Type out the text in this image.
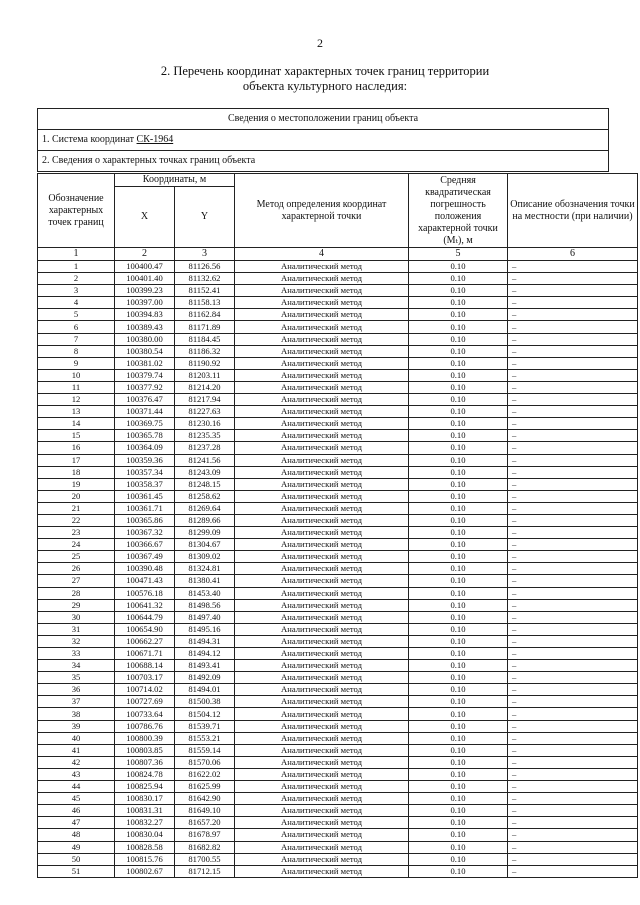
2
2. Перечень координат характерных точек границ территории
объекта культурного наследия:
Сведения о местоположении границ объекта
1. Система координат СК-1964
2. Сведения о характерных точках границ объекта
Обозначение характерных точек границ	Координаты, м		Метод определения координат характерной точки	Средняя квадратическая погрешность положения характерной точки (Mₜ), м	Описание обозначения точки на местности (при наличии)
	X	Y			
1	2	3	4	5	6
1	100400.47	81126.56	Аналитический метод	0.10	–
2	100401.40	81132.62	Аналитический метод	0.10	–
3	100399.23	81152.41	Аналитический метод	0.10	–
4	100397.00	81158.13	Аналитический метод	0.10	–
5	100394.83	81162.84	Аналитический метод	0.10	–
6	100389.43	81171.89	Аналитический метод	0.10	–
7	100380.00	81184.45	Аналитический метод	0.10	–
8	100380.54	81186.32	Аналитический метод	0.10	–
9	100381.02	81190.92	Аналитический метод	0.10	–
10	100379.74	81203.11	Аналитический метод	0.10	–
11	100377.92	81214.20	Аналитический метод	0.10	–
12	100376.47	81217.94	Аналитический метод	0.10	–
13	100371.44	81227.63	Аналитический метод	0.10	–
14	100369.75	81230.16	Аналитический метод	0.10	–
15	100365.78	81235.35	Аналитический метод	0.10	–
16	100364.09	81237.28	Аналитический метод	0.10	–
17	100359.36	81241.56	Аналитический метод	0.10	–
18	100357.34	81243.09	Аналитический метод	0.10	–
19	100358.37	81248.15	Аналитический метод	0.10	–
20	100361.45	81258.62	Аналитический метод	0.10	–
21	100361.71	81269.64	Аналитический метод	0.10	–
22	100365.86	81289.66	Аналитический метод	0.10	–
23	100367.32	81299.09	Аналитический метод	0.10	–
24	100366.67	81304.67	Аналитический метод	0.10	–
25	100367.49	81309.02	Аналитический метод	0.10	–
26	100390.48	81324.81	Аналитический метод	0.10	–
27	100471.43	81380.41	Аналитический метод	0.10	–
28	100576.18	81453.40	Аналитический метод	0.10	–
29	100641.32	81498.56	Аналитический метод	0.10	–
30	100644.79	81497.40	Аналитический метод	0.10	–
31	100654.90	81495.16	Аналитический метод	0.10	–
32	100662.27	81494.31	Аналитический метод	0.10	–
33	100671.71	81494.12	Аналитический метод	0.10	–
34	100688.14	81493.41	Аналитический метод	0.10	–
35	100703.17	81492.09	Аналитический метод	0.10	–
36	100714.02	81494.01	Аналитический метод	0.10	–
37	100727.69	81500.38	Аналитический метод	0.10	–
38	100733.64	81504.12	Аналитический метод	0.10	–
39	100786.76	81539.71	Аналитический метод	0.10	–
40	100800.39	81553.21	Аналитический метод	0.10	–
41	100803.85	81559.14	Аналитический метод	0.10	–
42	100807.36	81570.06	Аналитический метод	0.10	–
43	100824.78	81622.02	Аналитический метод	0.10	–
44	100825.94	81625.99	Аналитический метод	0.10	–
45	100830.17	81642.90	Аналитический метод	0.10	–
46	100831.31	81649.10	Аналитический метод	0.10	–
47	100832.27	81657.20	Аналитический метод	0.10	–
48	100830.04	81678.97	Аналитический метод	0.10	–
49	100828.58	81682.82	Аналитический метод	0.10	–
50	100815.76	81700.55	Аналитический метод	0.10	–
51	100802.67	81712.15	Аналитический метод	0.10	–
